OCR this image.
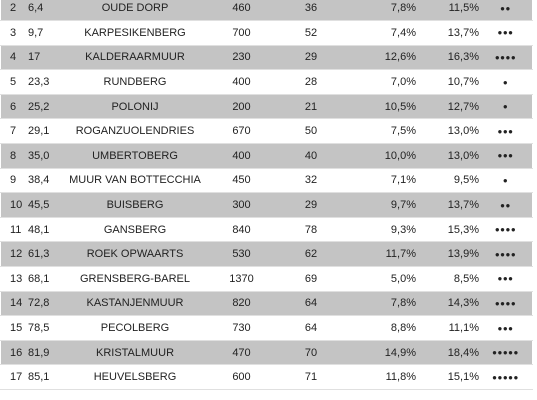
2	6,4	OUDE DORP	460	36	7,8%	11,5%	●●
3	9,7	KARPESIKENBERG	700	52	7,4%	13,7%	●●●
4	17	KALDERAARMUUR	230	29	12,6%	16,3%	●●●●
5	23,3	RUNDBERG	400	28	7,0%	10,7%	●
6	25,2	POLONIJ	200	21	10,5%	12,7%	●
7	29,1	ROGANZUOLENDRIES	670	50	7,5%	13,0%	●●●
8	35,0	UMBERTOBERG	400	40	10,0%	13,0%	●●●
9	38,4	MUUR VAN BOTTECCHIA	450	32	7,1%	9,5%	●
10	45,5	BUISBERG	300	29	9,7%	13,7%	●●
11	48,1	GANSBERG	840	78	9,3%	15,3%	●●●●
12	61,3	ROEK OPWAARTS	530	62	11,7%	13,9%	●●●●
13	68,1	GRENSBERG-BAREL	1370	69	5,0%	8,5%	●●●
14	72,8	KASTANJENMUUR	820	64	7,8%	14,3%	●●●●
15	78,5	PECOLBERG	730	64	8,8%	11,1%	●●●
16	81,9	KRISTALMUUR	470	70	14,9%	18,4%	●●●●●
17	85,1	HEUVELSBERG	600	71	11,8%	15,1%	●●●●●
